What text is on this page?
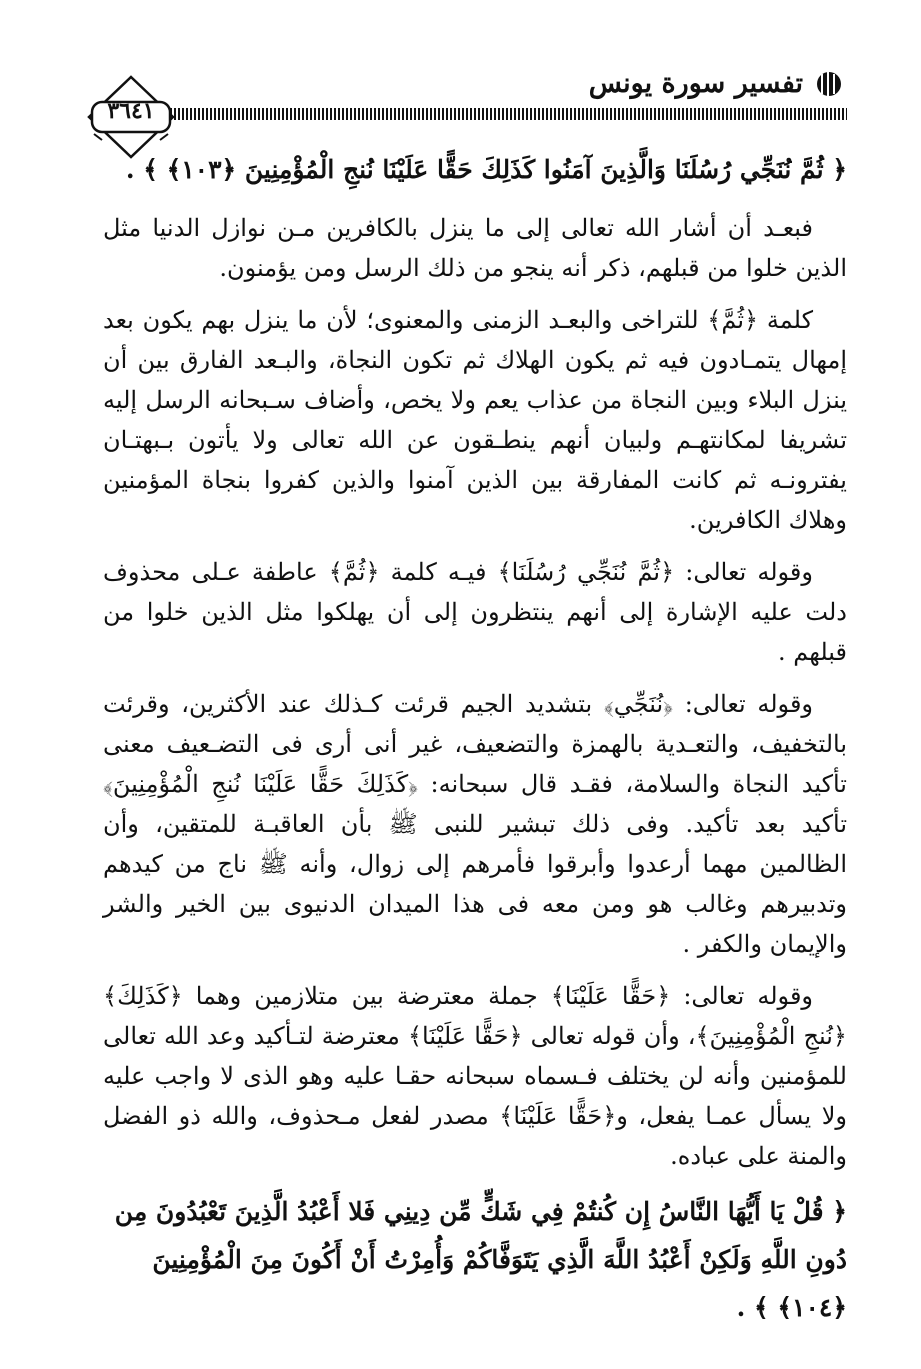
تفسير سورة يونس
٣٦٤١

﴿ ثُمَّ نُنَجِّي رُسُلَنَا وَالَّذِينَ آمَنُوا كَذَلِكَ حَقًّا عَلَيْنَا نُنجِ الْمُؤْمِنِينَ ﴿١٠٣﴾ ﴾ .

فبعـد أن أشار الله تعالى إلى ما ينزل بالكافرين مـن نوازل الدنيا مثل الذين خلوا من قبلهم، ذكر أنه ينجو من ذلك الرسل ومن يؤمنون.

كلمة ﴿ثُمَّ﴾ للتراخى والبعـد الزمنى والمعنوى؛ لأن ما ينزل بهم يكون بعد إمهال يتمـادون فيه ثم يكون الهلاك ثم تكون النجاة، والبـعد الفارق بين أن ينزل البلاء وبين النجاة من عذاب يعم ولا يخص، وأضاف سـبحانه الرسل إليه تشريفا لمكانتهـم ولبيان أنهم ينطـقون عن الله تعالى ولا يأتون بـبهتـان يفترونـه ثم كانت المفارقة بين الذين آمنوا والذين كفروا بنجاة المؤمنين وهلاك الكافرين.

وقوله تعالى: ﴿ثُمَّ نُنَجِّي رُسُلَنَا﴾ فيـه كلمة ﴿ثُمَّ﴾ عاطفة عـلى محذوف دلت عليه الإشارة إلى أنهم ينتظرون إلى أن يهلكوا مثل الذين خلوا من قبلهم .

وقوله تعالى: ﴿نُنَجِّي﴾ بتشديد الجيم قرئت كـذلك عند الأكثرين، وقرئت بالتخفيف، والتعـدية بالهمزة والتضعيف، غير أنى أرى فى التضـعيف معنى تأكيد النجاة والسلامة، فقـد قال سبحانه: ﴿كَذَلِكَ حَقًّا عَلَيْنَا نُنجِ الْمُؤْمِنِينَ﴾ تأكيد بعد تأكيد. وفى ذلك تبشير للنبى ﷺ بأن العاقبـة للمتقين، وأن الظالمين مهما أرعدوا وأبرقوا فأمرهم إلى زوال، وأنه ﷺ ناج من كيدهم وتدبيرهم وغالب هو ومن معه فى هذا الميدان الدنيوى بين الخير والشر والإيمان والكفر .

وقوله تعالى: ﴿حَقًّا عَلَيْنَا﴾ جملة معترضة بين متلازمين وهما ﴿كَذَلِكَ﴾ ﴿نُنجِ الْمُؤْمِنِينَ﴾، وأن قوله تعالى ﴿حَقًّا عَلَيْنَا﴾ معترضة لتـأكيد وعد الله تعالى للمؤمنين وأنه لن يختلف فـسماه سبحانه حقـا عليه وهو الذى لا واجب عليه ولا يسأل عمـا يفعل، و﴿حَقًّا عَلَيْنَا﴾ مصدر لفعل مـحذوف، والله ذو الفضل والمنة على عباده.

﴿ قُلْ يَا أَيُّهَا النَّاسُ إِن كُنتُمْ فِي شَكٍّ مِّن دِينِي فَلا أَعْبُدُ الَّذِينَ تَعْبُدُونَ مِن دُونِ اللَّهِ وَلَكِنْ أَعْبُدُ اللَّهَ الَّذِي يَتَوَفَّاكُمْ وَأُمِرْتُ أَنْ أَكُونَ مِنَ الْمُؤْمِنِينَ ﴿١٠٤﴾ ﴾ .
